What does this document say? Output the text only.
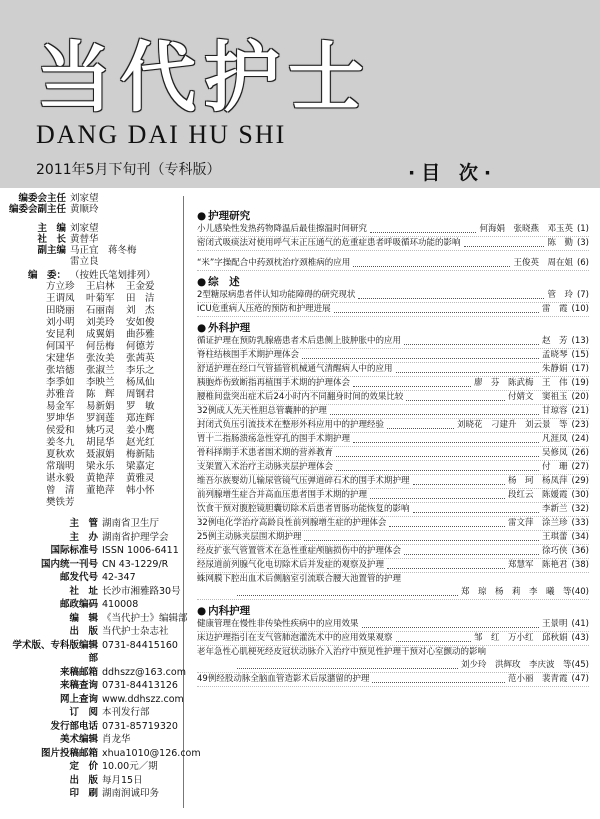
当代护士
DANG DAI HU SHI
2011年5月下旬刊（专科版）	·目 次·
编委会主任 刘家望
编委会副主任 黄顺玲
主　编 刘家望
社　长 黄替华
副主编 马正宜　蒋冬梅
雷立良
编　委： （按姓氏笔划排列）
方立珍	王启林	王金爱
王谓凤	叶菊军	田　洁
田晓丽	石丽南	刘　杰
刘小明	刘美玲	安如俊
安昆利	成翼娟	曲莎雅
何国平	何岳梅	何德芳
宋建华	张汝美	张茜英
张培德	张淑兰	李乐之
李季如	李映兰	杨凤仙
苏雅音	陈　辉	周钢君
易金军	易新娟	罗　敏
罗坤华	罗润莲	郑连辉
侯爱和	姚巧灵	姜小鹰
姜冬九	胡昆华	赵光红
夏秋欢	聂淑娟	梅新陆
常瑞明	梁永乐	梁嘉定
谌永毅	黄艳萍	黄雅灵
曾　清	董艳萍	韩小怀
樊铁芳
主　管 湖南省卫生厅
主　办 湖南省护理学会
国际标准号 ISSN 1006-6411
国内统一刊号 CN 43-1229/R
邮发代号 42-347
社　址 长沙市湘雅路30号
邮政编码 410008
编　辑 《当代护士》编辑部
出　版 当代护士杂志社
学术版、专科版编辑部
0731-84415160
来稿邮箱 ddhszz@163.com
来稿查询 0731-84413126
网上查询 www.ddhszz.com
订　阅 本刊发行部
发行部电话 0731-85719320
美术编辑 肖龙华
图片投稿邮箱 xhua1010@126.com
定　价 10.00元／期
出　版 每月15日
印　刷 湖南润诚印务
● 护理研究
小儿感染性发热药物降温后最佳擦温时间研究	何海娟　张晓燕　邓玉英 (1)
密闭式吸痰法对使用呼气末正压通气的危重症患者呼吸循环功能的影响	陈　勤 (3)
“米”字操配合中药颈枕治疗颈椎病的应用	王俊英　周在姐 (6)
● 综　述
2型糖尿病患者伴认知功能障碍的研究现状	管　玲 (7)
ICU危重病人压疮的预防和护理进展	雷　霞 (10)
● 外科护理
循证护理在预防乳腺癌患者术后患侧上肢肿胀中的应用	赵　芳 (13)
脊柱结核围手术期护理体会	孟晓琴 (15)
舒适护理在经口气管插管机械通气清醒病人中的应用	朱静娟 (17)
胰胞炸伤致断指再植围手术期的护理体会	廖　芬　陈武梅　王　伟 (19)
腰椎间盘突出症术后24小时内不同翻身时间的效果比较	付婧文　窦祖玉 (20)
32例成人先天性胆总管囊肿的护理	甘琼容 (21)
封闭式负压引流技术在整形外科应用中的护理经验	刘晓花　刁建升　刘云景　等 (23)
胃十二指肠溃疡急性穿孔的围手术期护理	凡涯凤 (24)
骨科择期手术患者围术期的营养教育	吴修凤 (26)
支架置入术治疗主动脉夹层护理体会	付　珊 (27)
维吾尔族婴幼儿输尿管镜气压弹道碎石术的围手术期护理	杨　珂　杨凤萍 (29)
前列腺增生症合并高血压患者围手术期的护理	段红云　陈媛霞 (30)
饮食干预对腹腔镜胆囊切除术后患者胃肠功能恢复的影响	李新兰 (32)
32例电化学治疗高龄良性前列腺增生症的护理体会	雷文萍　涂兰珍 (33)
25例主动脉夹层围术期护理	王琪蕾 (34)
经皮扩张气管置管术在急性重症颅脑损伤中的护理体会	徐巧侠 (36)
经尿道前列腺气化电切除术后并发症的观察及护理	郑慧军　陈艳君 (38)
蛛网膜下腔出血术后侧脑室引流联合腰大池置管的护理
郑　琼　杨　莉　李　曦　等 (40)
● 内科护理
健康管理在慢性非传染性疾病中的应用效果	王景明 (41)
床边护理指引在支气管肺泡灌洗术中的应用效果观察	邹　红　万小红　邱秋娟 (43)
老年急性心肌梗死经皮冠状动脉介入治疗中预见性护理干预对心室颤动的影响
刘少玲　洪辉玫　李庆波　等 (45)
49例经股动脉全脑血管造影术后尿潴留的护理	范小丽　裴青霞 (47)
